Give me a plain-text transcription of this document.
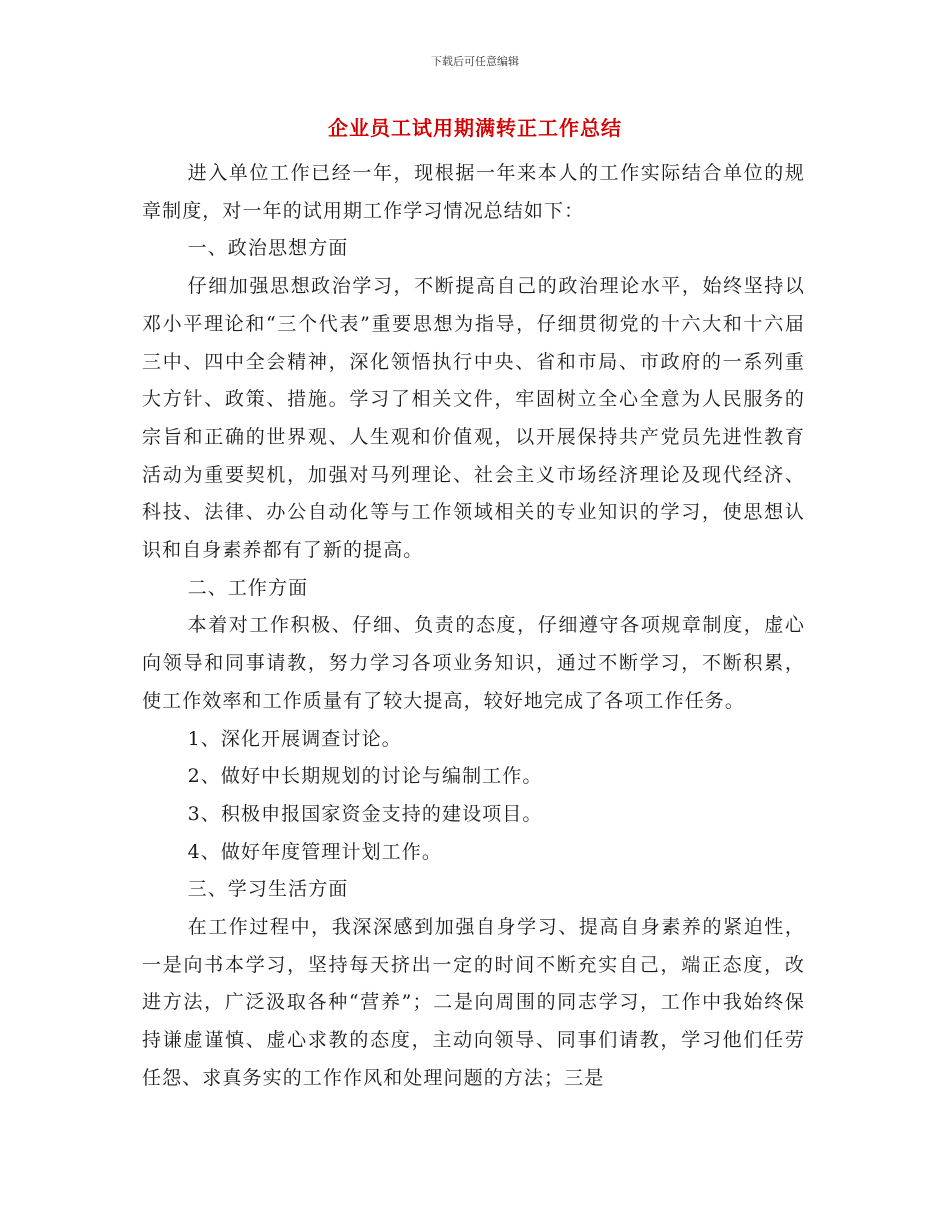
下载后可任意编辑
企业员工试用期满转正工作总结

进入单位工作已经一年，现根据一年来本人的工作实际结合单位的规章制度，对一年的试用期工作学习情况总结如下：

一、政治思想方面

仔细加强思想政治学习，不断提高自己的政治理论水平，始终坚持以邓小平理论和“三个代表”重要思想为指导，仔细贯彻党的十六大和十六届三中、四中全会精神，深化领悟执行中央、省和市局、市政府的一系列重大方针、政策、措施。学习了相关文件，牢固树立全心全意为人民服务的宗旨和正确的世界观、人生观和价值观，以开展保持共产党员先进性教育活动为重要契机，加强对马列理论、社会主义市场经济理论及现代经济、科技、法律、办公自动化等与工作领域相关的专业知识的学习，使思想认识和自身素养都有了新的提高。

二、工作方面

本着对工作积极、仔细、负责的态度，仔细遵守各项规章制度，虚心向领导和同事请教，努力学习各项业务知识，通过不断学习，不断积累，使工作效率和工作质量有了较大提高，较好地完成了各项工作任务。

1、深化开展调查讨论。

2、做好中长期规划的讨论与编制工作。

3、积极申报国家资金支持的建设项目。

4、做好年度管理计划工作。

三、学习生活方面

在工作过程中，我深深感到加强自身学习、提高自身素养的紧迫性，一是向书本学习，坚持每天挤出一定的时间不断充实自己，端正态度，改进方法，广泛汲取各种“营养”；二是向周围的同志学习，工作中我始终保持谦虚谨慎、虚心求教的态度，主动向领导、同事们请教，学习他们任劳任怨、求真务实的工作作风和处理问题的方法；三是
